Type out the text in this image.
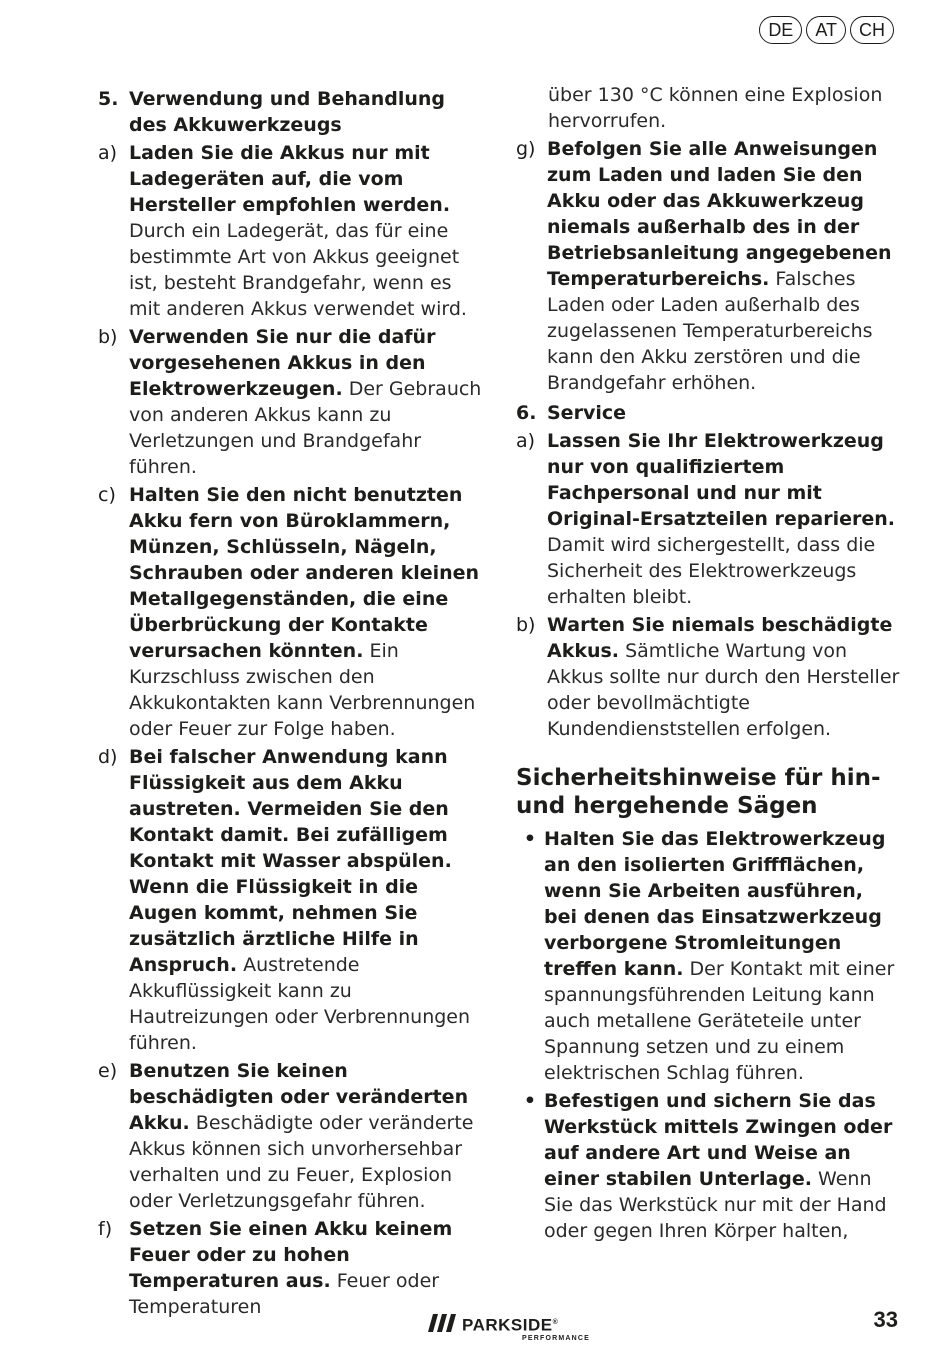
DE	AT	CH
5. Verwendung und Behandlung des Akkuwerkzeugs
a) Laden Sie die Akkus nur mit Ladegeräten auf, die vom Hersteller empfohlen werden. Durch ein Ladegerät, das für eine bestimmte Art von Akkus geeignet ist, besteht Brandgefahr, wenn es mit anderen Akkus verwendet wird.
b) Verwenden Sie nur die dafür vorgesehenen Akkus in den Elektrowerkzeugen. Der Gebrauch von anderen Akkus kann zu Verletzungen und Brandgefahr führen.
c) Halten Sie den nicht benutzten Akku fern von Büroklammern, Münzen, Schlüsseln, Nägeln, Schrauben oder anderen kleinen Metallgegenständen, die eine Überbrückung der Kontakte verursachen könnten. Ein Kurzschluss zwischen den Akkukontakten kann Verbrennungen oder Feuer zur Folge haben.
d) Bei falscher Anwendung kann Flüssigkeit aus dem Akku austreten. Vermeiden Sie den Kontakt damit. Bei zufälligem Kontakt mit Wasser abspülen. Wenn die Flüssigkeit in die Augen kommt, nehmen Sie zusätzlich ärztliche Hilfe in Anspruch. Austretende Akkuflüssigkeit kann zu Hautreizungen oder Verbrennungen führen.
e) Benutzen Sie keinen beschädigten oder veränderten Akku. Beschädigte oder veränderte Akkus können sich unvorhersehbar verhalten und zu Feuer, Explosion oder Verletzungsgefahr führen.
f) Setzen Sie einen Akku keinem Feuer oder zu hohen Temperaturen aus. Feuer oder Temperaturen
über 130 °C können eine Explosion hervorrufen.
g) Befolgen Sie alle Anweisungen zum Laden und laden Sie den Akku oder das Akkuwerkzeug niemals außerhalb des in der Betriebsanleitung angegebenen Temperaturbereichs. Falsches Laden oder Laden außerhalb des zugelassenen Temperaturbereichs kann den Akku zerstören und die Brandgefahr erhöhen.
6. Service
a) Lassen Sie Ihr Elektrowerkzeug nur von qualifiziertem Fachpersonal und nur mit Original-Ersatzteilen reparieren. Damit wird sichergestellt, dass die Sicherheit des Elektrowerkzeugs erhalten bleibt.
b) Warten Sie niemals beschädigte Akkus. Sämtliche Wartung von Akkus sollte nur durch den Hersteller oder bevollmächtigte Kundendienststellen erfolgen.
Sicherheitshinweise für hin- und hergehende Sägen
• Halten Sie das Elektrowerkzeug an den isolierten Griffflächen, wenn Sie Arbeiten ausführen, bei denen das Einsatzwerkzeug verborgene Stromleitungen treffen kann. Der Kontakt mit einer spannungsführenden Leitung kann auch metallene Geräteteile unter Spannung setzen und zu einem elektrischen Schlag führen.
• Befestigen und sichern Sie das Werkstück mittels Zwingen oder auf andere Art und Weise an einer stabilen Unterlage. Wenn Sie das Werkstück nur mit der Hand oder gegen Ihren Körper halten,
PARKSIDE®
PERFORMANCE
33
